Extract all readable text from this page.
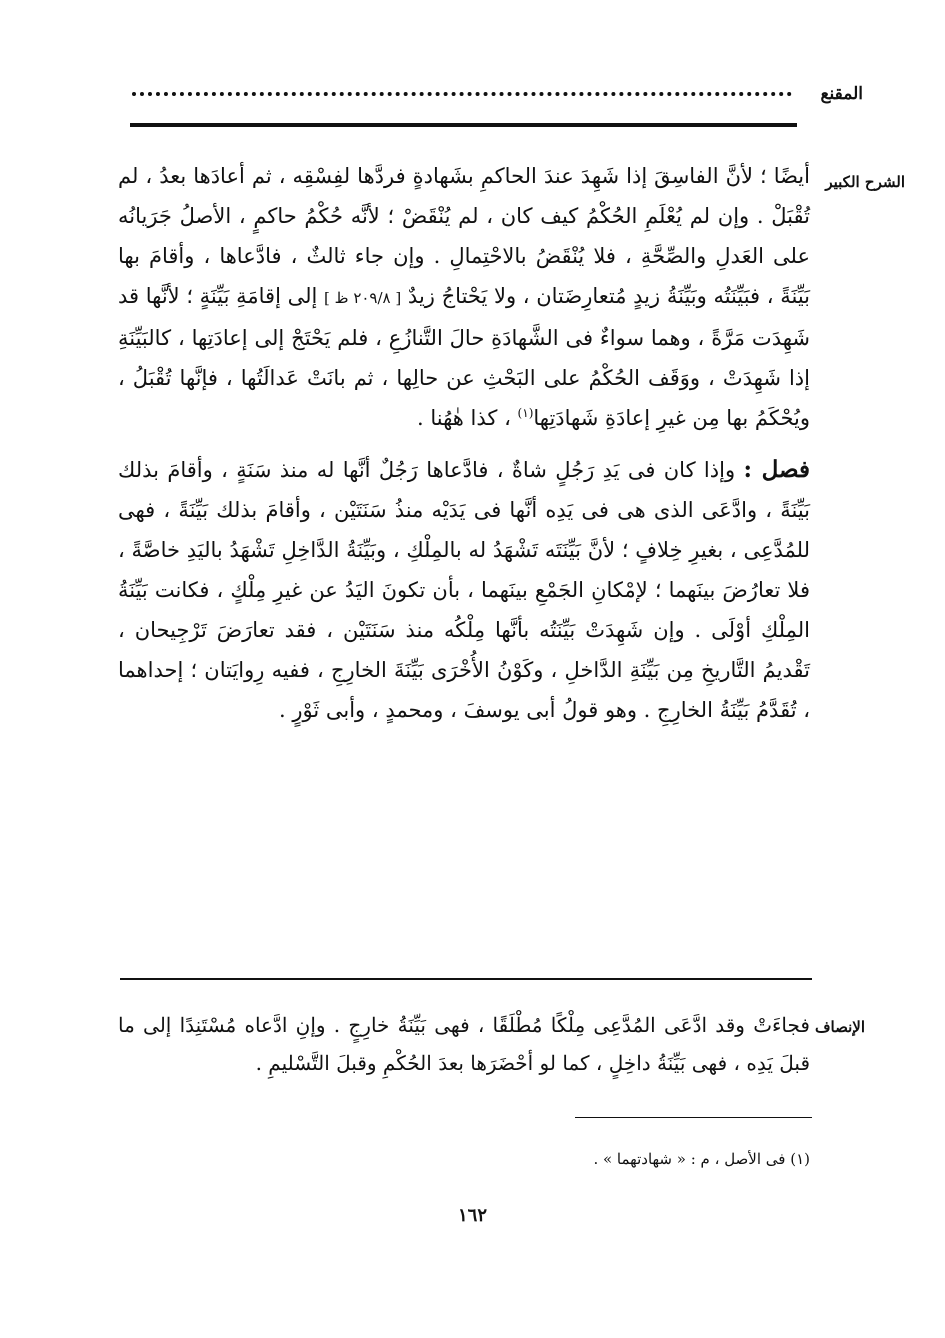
المقنع
الشرح الكبير

أيضًا ؛ لأنَّ الفاسِقَ إذا شَهِدَ عندَ الحاكمِ بشَهادةٍ فردَّها لفِسْقِه ، ثم أعادَها بعدُ ، لم تُقْبَلْ . وإن لم يُعْلَمِ الحُكْمُ كيف كان ، لم يُنْقَضْ ؛ لأنَّه حُكْمُ حاكمٍ ، الأصلُ جَرَيانُه على العَدلِ والصِّحَّةِ ، فلا يُنْقَضُ بالاحْتِمالِ . وإن جاء ثالثٌ ، فادَّعاها ، وأقامَ بها بَيِّنَةً ، فبَيِّنَتُه وبَيِّنَةُ زيدٍ مُتعارِضَتان ، ولا يَحْتاجُ زيدٌ [ ٢٠٩/٨ ظ ] إلى إقامَةِ بَيِّنَةٍ ؛ لأنَّها قد شَهِدَت مَرَّةً ، وهما سواءٌ فى الشَّهادَةِ حالَ التَّنازُعِ ، فلم يَحْتَجْ إلى إعادَتِها ، كالبَيِّنَةِ إذا شَهِدَتْ ، ووَقَف الحُكْمُ على البَحْثِ عن حالِها ، ثم بانَتْ عَدالَتُها ، فإنَّها تُقْبَلُ ، ويُحْكَمُ بها مِن غيرِ إعادَةِ شَهادَتِها$^{(١)}$ ، كذا هٰهُنا .

فصل : وإذا كان فى يَدِ رَجُلٍ شاةٌ ، فادَّعاها رَجُلٌ أنَّها له منذ سَنَةٍ ، وأقامَ بذلك بَيِّنَةً ، وادَّعَى الذى هى فى يَدِه أنَّها فى يَدَيْه منذُ سَنَتَيْن ، وأقامَ بذلك بَيِّنَةً ، فهى للمُدَّعِى ، بغيرِ خِلافٍ ؛ لأنَّ بَيِّنَتَه تَشْهَدُ له بالمِلْكِ ، وبَيِّنَةُ الدَّاخِلِ تَشْهَدُ باليَدِ خاصَّةً ، فلا تعارُضَ بينَهما ؛ لإمْكانِ الجَمْعِ بينَهما ، بأن تكونَ اليَدُ عن غيرِ مِلْكٍ ، فكانت بَيِّنَةُ المِلْكِ أوْلَى . وإن شَهِدَتْ بَيِّنَتُه بأنَّها مِلْكُه منذ سَنَتَيْن ، فقد تعارَضَ تَرْجِيحان ، تَقْديمُ التَّاريخِ مِن بَيِّنَةِ الدَّاخلِ ، وكَوْنُ الأُخْرَى بَيِّنَةَ الخارِجِ ، ففيه رِوايَتان ؛ إحداهما ، تُقَدَّمُ بَيِّنَةُ الخارِجِ . وهو قولُ أبى يوسفَ ، ومحمدٍ ، وأبى ثَوْرٍ .

الإنصاف

فجاءَتْ وقد ادَّعَى المُدَّعِى مِلْكًا مُطْلَقًا ، فهى بَيِّنَةُ خارِجٍ . وإنِ ادَّعاه مُسْتَنِدًا إلى ما قبلَ يَدِه ، فهى بَيِّنَةُ داخِلٍ ، كما لو أحْضَرَها بعدَ الحُكْمِ وقبلَ التَّسْليمِ .

(١) فى الأصل ، م : « شهادتهما » .
١٦٢
